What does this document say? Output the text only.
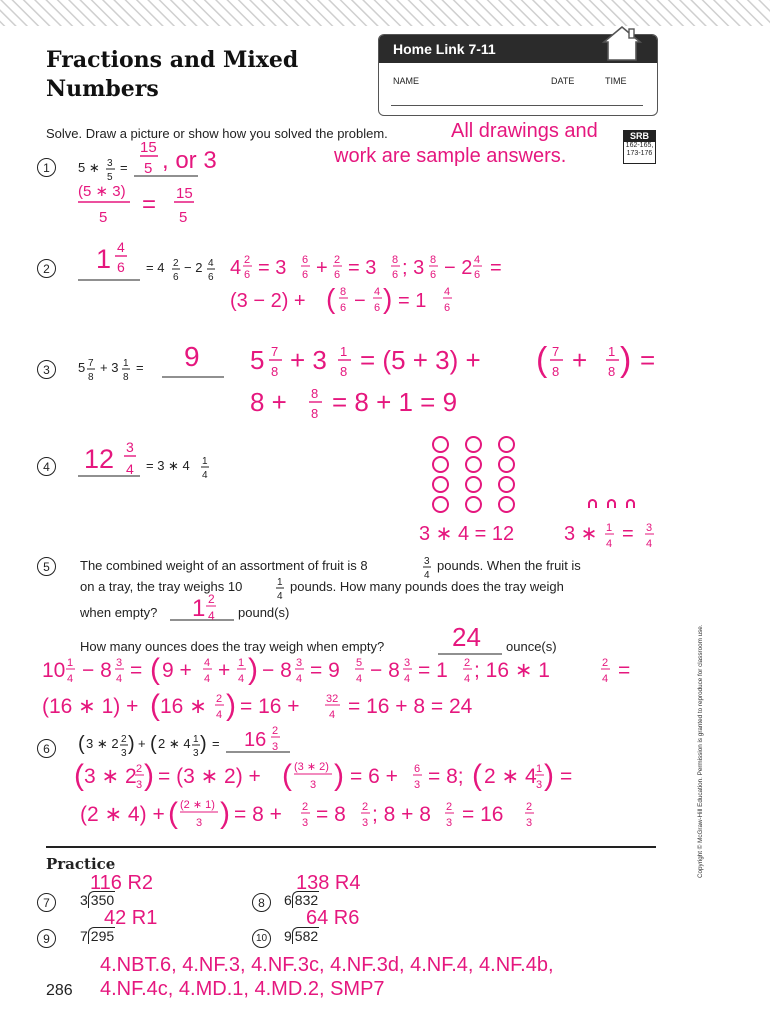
Fractions and Mixed
Numbers
Home Link 7-11
NAME	DATE	TIME
Solve. Draw a picture or show how you solved the problem.	All drawings and
work are sample answers.
SRB
162-165,
173-176
1	5 ∗ 3
5
=
15
5 , or 3
(5 ∗ 3)
5 = 15
5
2	= 4 2
6
− 2 4
6
1 4
6	4 2
6 = 3 6
6 + 2
6 = 3 8
6 ; 3 8
6 − 2 4
6 =
(3 − 2) + ( 8
6 − 4
6 ) = 1 4
6
3	5 7
8
+ 3 1
8
= 9 5 7
8 + 3 1
8 = (5 + 3) + ( 7
8 + 1
8 ) =
8 + 8
8 = 8 + 1 = 9
4	= 3 ∗ 4 1
4
12 3
4
3 ∗ 4 = 12 3 ∗ 1
4 = 3
4
5	The combined weight of an assortment of fruit is 8	3
4
pounds. When the fruit is
on a tray, the tray weighs 10	1
4
pounds. How many pounds does the tray weigh
when empty?	pound(s)
How many ounces does the tray weigh when empty?	ounce(s)
1 2
4
24
10 1
4 − 8 3
4 = ( 9 + 4
4 + 1
4 ) − 8 3
4 = 9 5
4 − 8 3
4 = 1 2
4 ; 16 ∗ 1	2
4 =
(16 ∗ 1) + ( 16 ∗ 2
4 ) = 16 + 32
4 = 16 + 8 = 24
6	( 3 ∗ 2 2
3 ) + ( 2 ∗ 4 1
3 ) = 16 2
3
( 3 ∗ 2 2
3 ) = (3 ∗ 2) + ( (3 ∗ 2)
3 ) = 6 + 6
3 = 8; ( 2 ∗ 4 1
3 ) =
(2 ∗ 4) + ( (2 ∗ 1)
3 ) = 8 + 2
3 = 8 2
3 ; 8 + 8 2
3 = 16 2
3
Practice
7
116 R2
3 350	8
138 R4
6 832
9
42 R1
7 295	10
64 R6
9 582
4.NBT.6, 4.NF.3, 4.NF.3c, 4.NF.3d, 4.NF.4, 4.NF.4b,
4.NF.4c, 4.MD.1, 4.MD.2, SMP7
286
Copyright © McGraw-Hill Education. Permission is granted to reproduce for classroom use.
